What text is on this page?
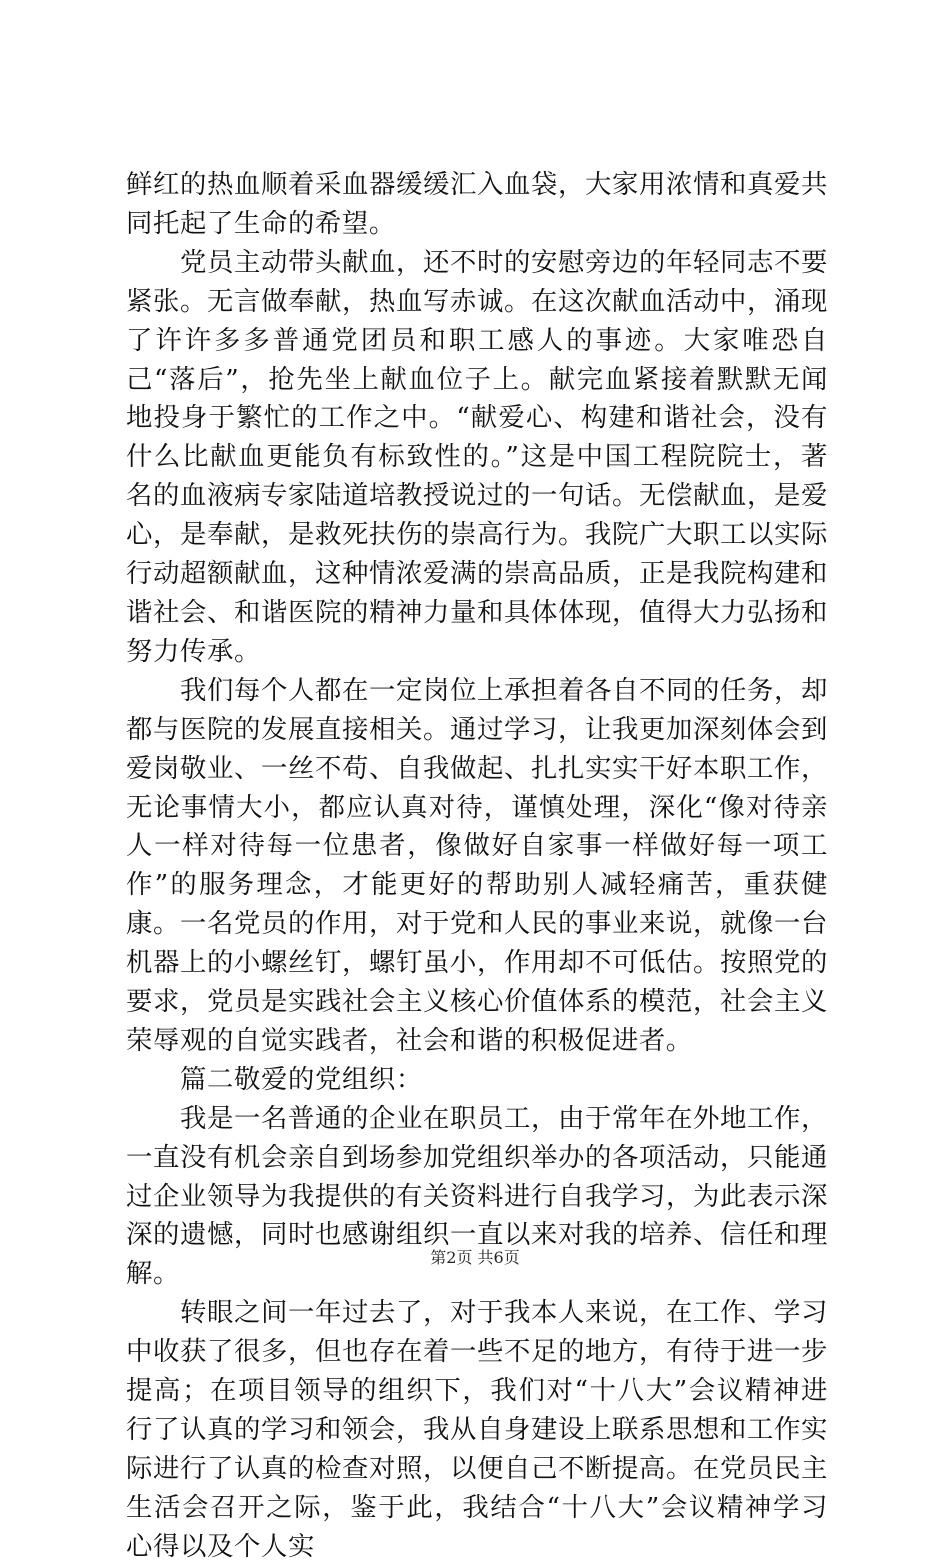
鲜红的热血顺着采血器缓缓汇入血袋，大家用浓情和真爱共同托起了生命的希望。

党员主动带头献血，还不时的安慰旁边的年轻同志不要紧张。无言做奉献，热血写赤诚。在这次献血活动中，涌现了许许多多普通党团员和职工感人的事迹。大家唯恐自己“落后”，抢先坐上献血位子上。献完血紧接着默默无闻地投身于繁忙的工作之中。“献爱心、构建和谐社会，没有什么比献血更能负有标致性的。”这是中国工程院院士，著名的血液病专家陆道培教授说过的一句话。无偿献血，是爱心，是奉献，是救死扶伤的崇高行为。我院广大职工以实际行动超额献血，这种情浓爱满的崇高品质，正是我院构建和谐社会、和谐医院的精神力量和具体体现，值得大力弘扬和努力传承。

我们每个人都在一定岗位上承担着各自不同的任务，却都与医院的发展直接相关。通过学习，让我更加深刻体会到爱岗敬业、一丝不苟、自我做起、扎扎实实干好本职工作，无论事情大小，都应认真对待，谨慎处理，深化“像对待亲人一样对待每一位患者，像做好自家事一样做好每一项工作”的服务理念，才能更好的帮助别人减轻痛苦，重获健康。一名党员的作用，对于党和人民的事业来说，就像一台机器上的小螺丝钉，螺钉虽小，作用却不可低估。按照党的要求，党员是实践社会主义核心价值体系的模范，社会主义荣辱观的自觉实践者，社会和谐的积极促进者。

篇二敬爱的党组织：

我是一名普通的企业在职员工，由于常年在外地工作，一直没有机会亲自到场参加党组织举办的各项活动，只能通过企业领导为我提供的有关资料进行自我学习，为此表示深深的遗憾，同时也感谢组织一直以来对我的培养、信任和理解。

转眼之间一年过去了，对于我本人来说，在工作、学习中收获了很多，但也存在着一些不足的地方，有待于进一步提高；在项目领导的组织下，我们对“十八大”会议精神进行了认真的学习和领会，我从自身建设上联系思想和工作实际进行了认真的检查对照，以便自己不断提高。在党员民主生活会召开之际，鉴于此，我结合“十八大”会议精神学习心得以及个人实

第2页 共6页
